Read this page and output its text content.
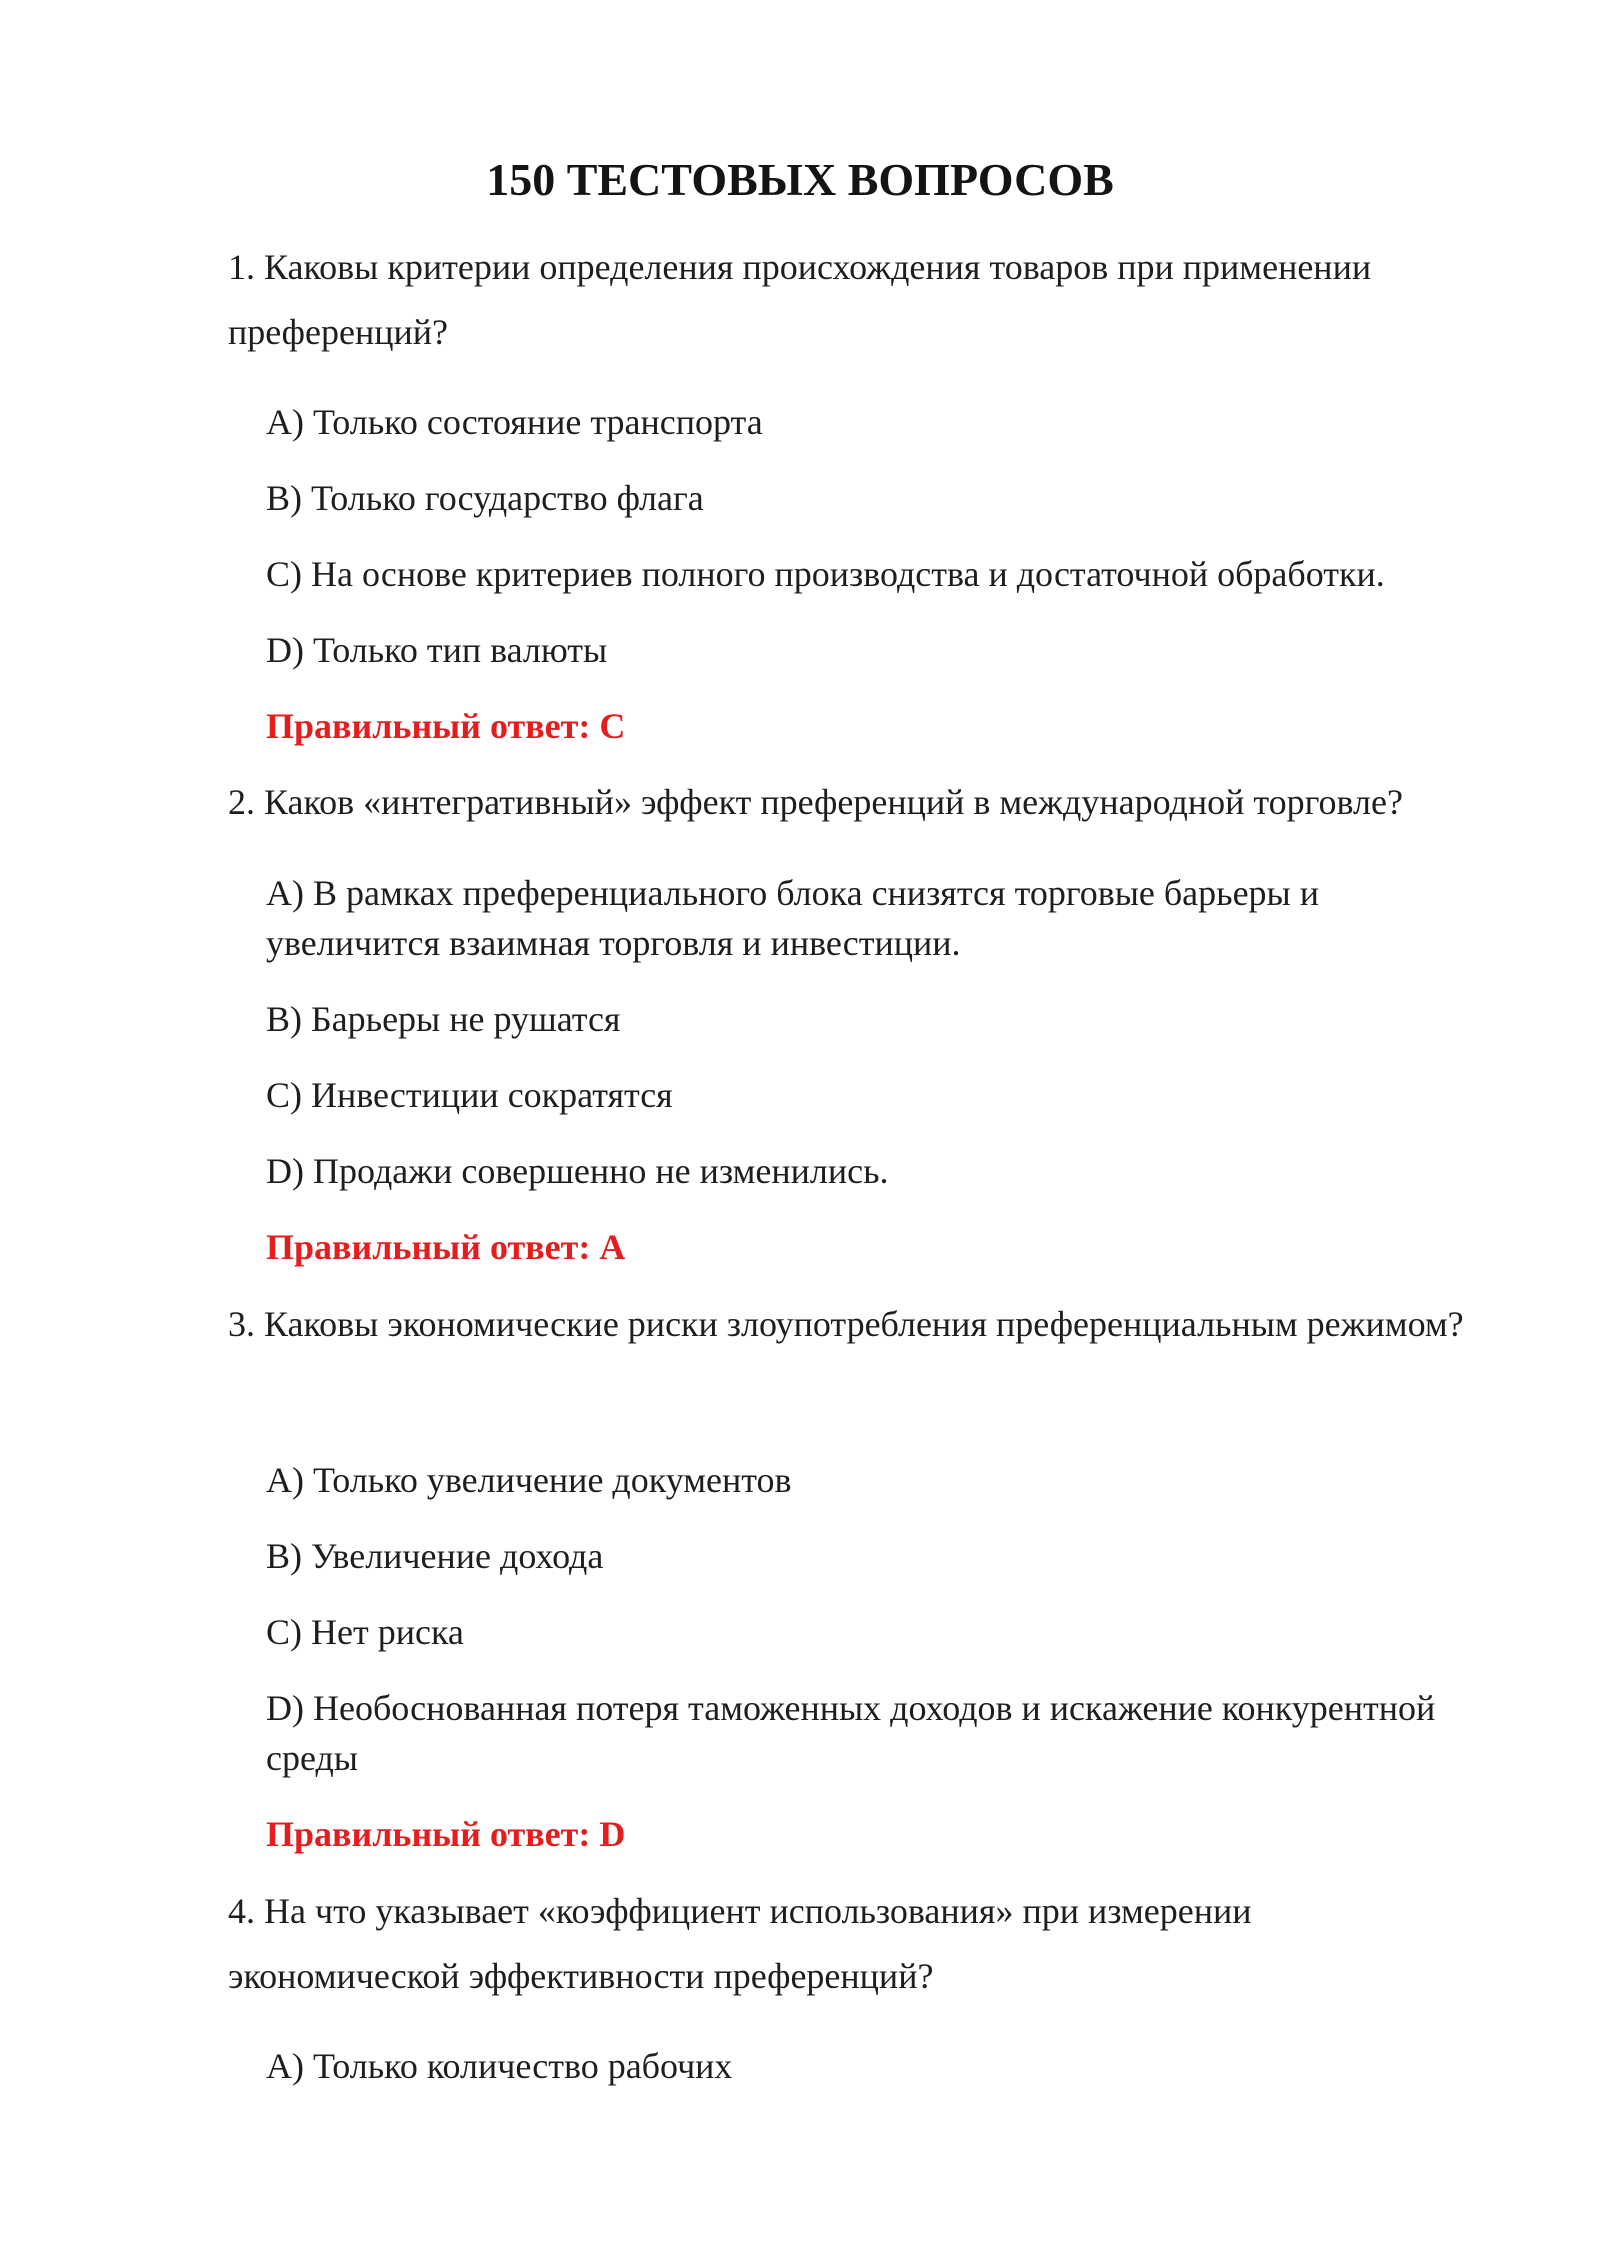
150 ТЕСТОВЫХ ВОПРОСОВ

1. Каковы критерии определения происхождения товаров при применении преференций?

A) Только состояние транспорта

B) Только государство флага

C) На основе критериев полного производства и достаточной обработки.

D) Только тип валюты

Правильный ответ: C

2. Каков «интегративный» эффект преференций в международной торговле?

A) В рамках преференциального блока снизятся торговые барьеры и увеличится взаимная торговля и инвестиции.

B) Барьеры не рушатся

C) Инвестиции сократятся

D) Продажи совершенно не изменились.

Правильный ответ: A

3. Каковы экономические риски злоупотребления преференциальным режимом?

A) Только увеличение документов

B) Увеличение дохода

C) Нет риска

D) Необоснованная потеря таможенных доходов и искажение конкурентной среды

Правильный ответ: D

4. На что указывает «коэффициент использования» при измерении экономической эффективности преференций?

A) Только количество рабочих
